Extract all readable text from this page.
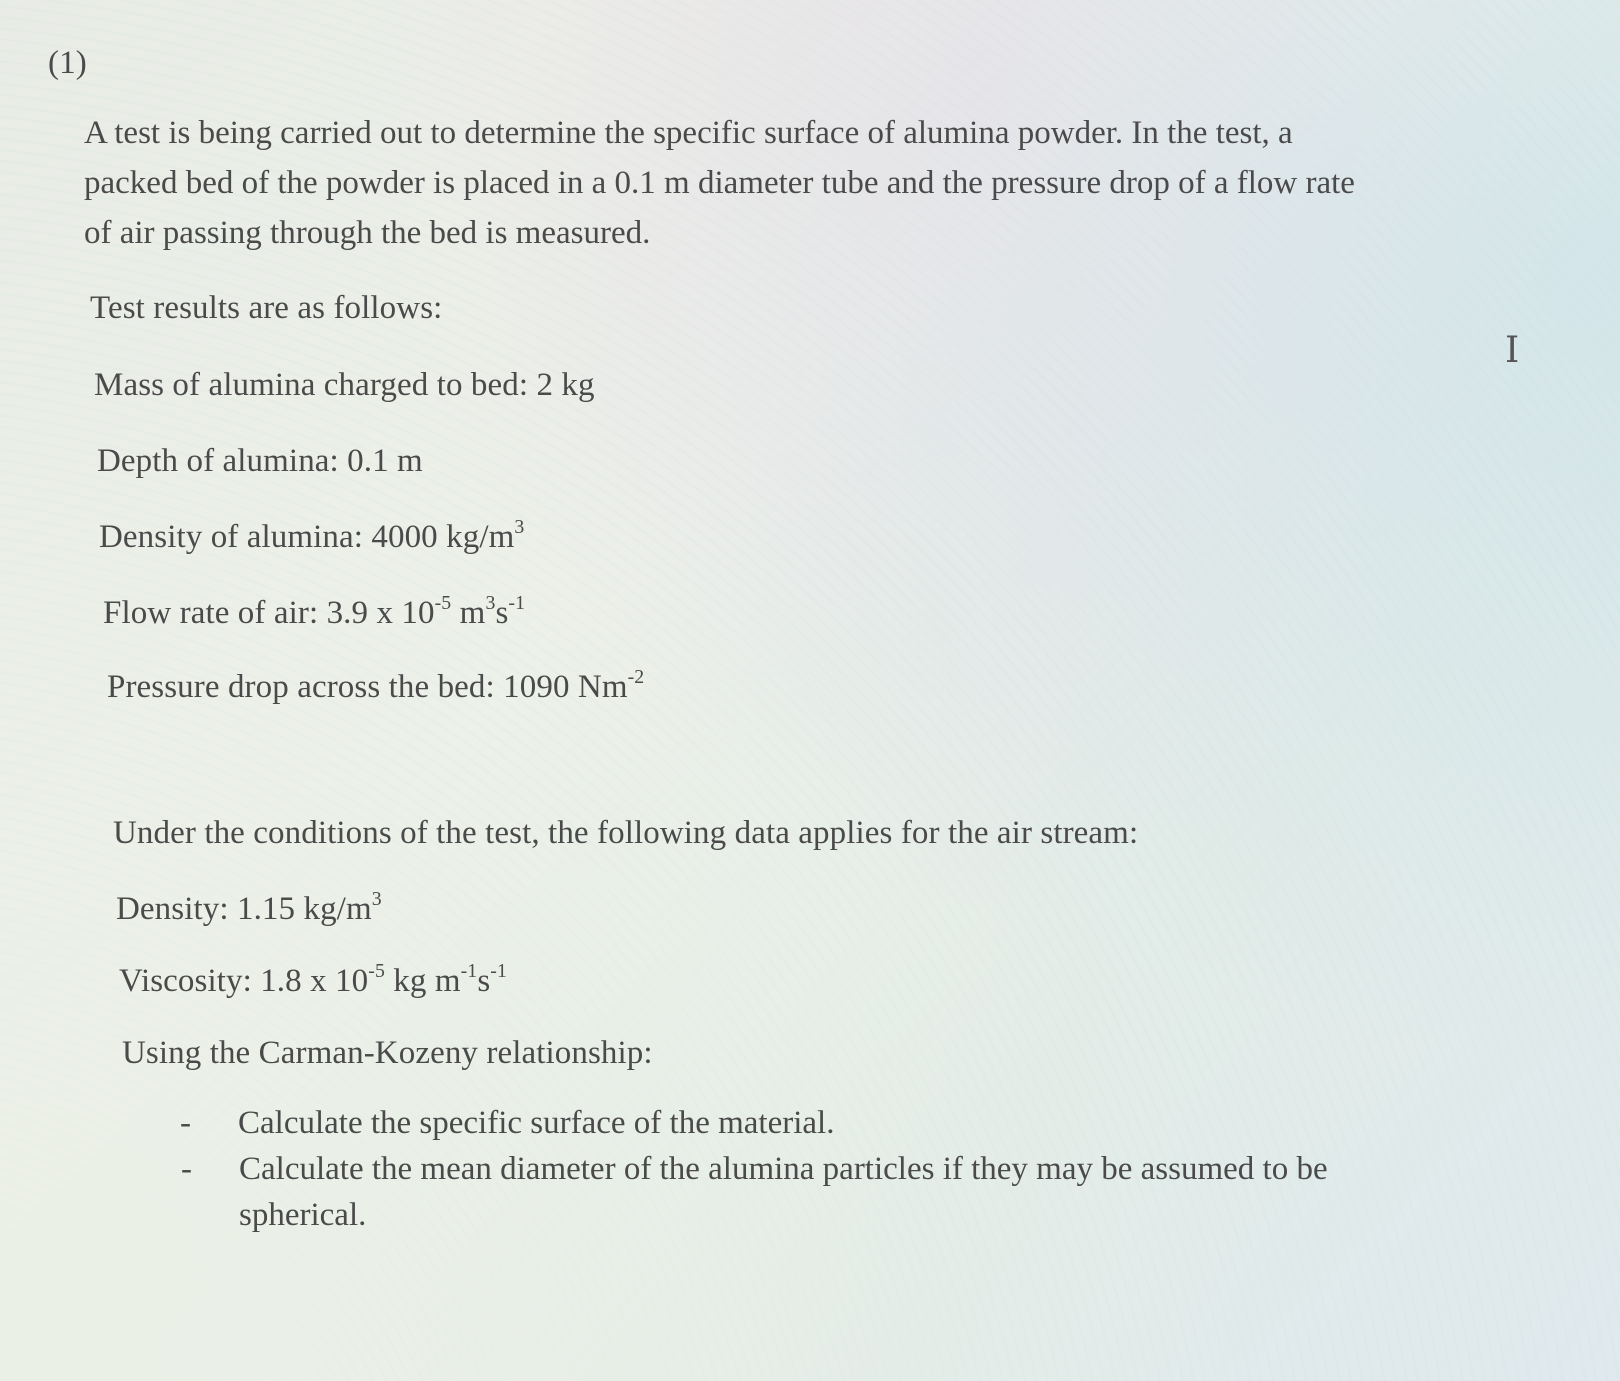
(1)
A test is being carried out to determine the specific surface of alumina powder. In the test, a
packed bed of the powder is placed in a 0.1 m diameter tube and the pressure drop of a flow rate
of air passing through the bed is measured.
Test results are as follows:
Mass of alumina charged to bed: 2 kg
Depth of alumina: 0.1 m
Density of alumina: 4000 $kg/m^3$
Flow rate of air: 3.9 x $10^{-5}$ $m^3s^{-1}$
Pressure drop across the bed: 1090 $Nm^{-2}$
Under the conditions of the test, the following data applies for the air stream:
Density: 1.15 $kg/m^3$
Viscosity: 1.8 x $10^{-5}$ kg $m^{-1}s^{-1}$
Using the Carman-Kozeny relationship:
- Calculate the specific surface of the material.
- Calculate the mean diameter of the alumina particles if they may be assumed to be
spherical.
I
